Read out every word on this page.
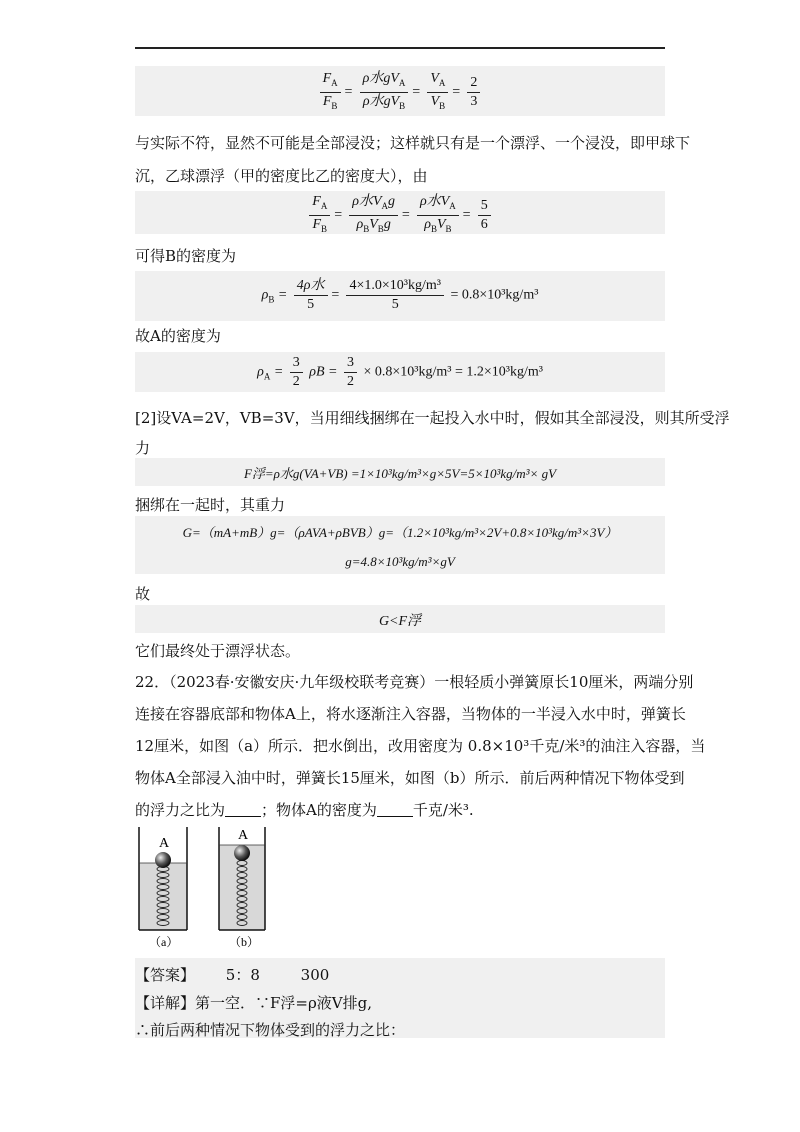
$\frac{F_A}{F_B} = \frac{\rho 水gV_A}{\rho 水gV_B} = \frac{V_A}{V_B} = \frac{2}{3}$
与实际不符，显然不可能是全部浸没；这样就只有是一个漂浮、一个浸没，即甲球下
沉，乙球漂浮（甲的密度比乙的密度大），由
$\frac{F_A}{F_B} = \frac{\rho 水V_Ag}{\rho_BV_Bg} = \frac{\rho 水V_A}{\rho_BV_B} = \frac{5}{6}$
可得B的密度为
$\rho_B = \frac{\text{4ρ水}}{5} = \frac{\text{4×1.0×10³kg/m³}}{5} = 0.8\times 10^3kg/m^3$
故A的密度为
$\rho_A = \frac{3}{2}$ $\rho B = \frac{3}{2} \times 0.8\times 10^3kg/m^3 = 1.2\times 10^3kg/m^3$
[2]设VA=2V，VB=3V，当用细线捆绑在一起投入水中时，假如其全部浸没，则其所受浮
力
F浮=ρ水g(VA+VB) =1×10³kg/m³×g×5V=5×10³kg/m³× gV
捆绑在一起时，其重力
G=（mA+mB）g=（ρAVA+ρBVB）g=（1.2×10³kg/m³×2V+0.8×10³kg/m³×3V）
g=4.8×10³kg/m³×gV
故
G<F浮
它们最终处于漂浮状态。
22．（2023春·安徽安庆·九年级校联考竞赛）一根轻质小弹簧原长10厘米，两端分别
连接在容器底部和物体A上，将水逐渐注入容器，当物体的一半浸入水中时，弹簧长
12厘米，如图（a）所示．把水倒出，改用密度为 0.8×10³千克/米³的油注入容器，当
物体A全部浸入油中时，弹簧长15厘米，如图（b）所示．前后两种情况下物体受到
的浮力之比为 ；物体A的密度为 千克/米³.
A
A
（a）	（b）
【答案】 5：8	300
【详解】第一空．∵F浮=ρ液V排g,
∴前后两种情况下物体受到的浮力之比：
